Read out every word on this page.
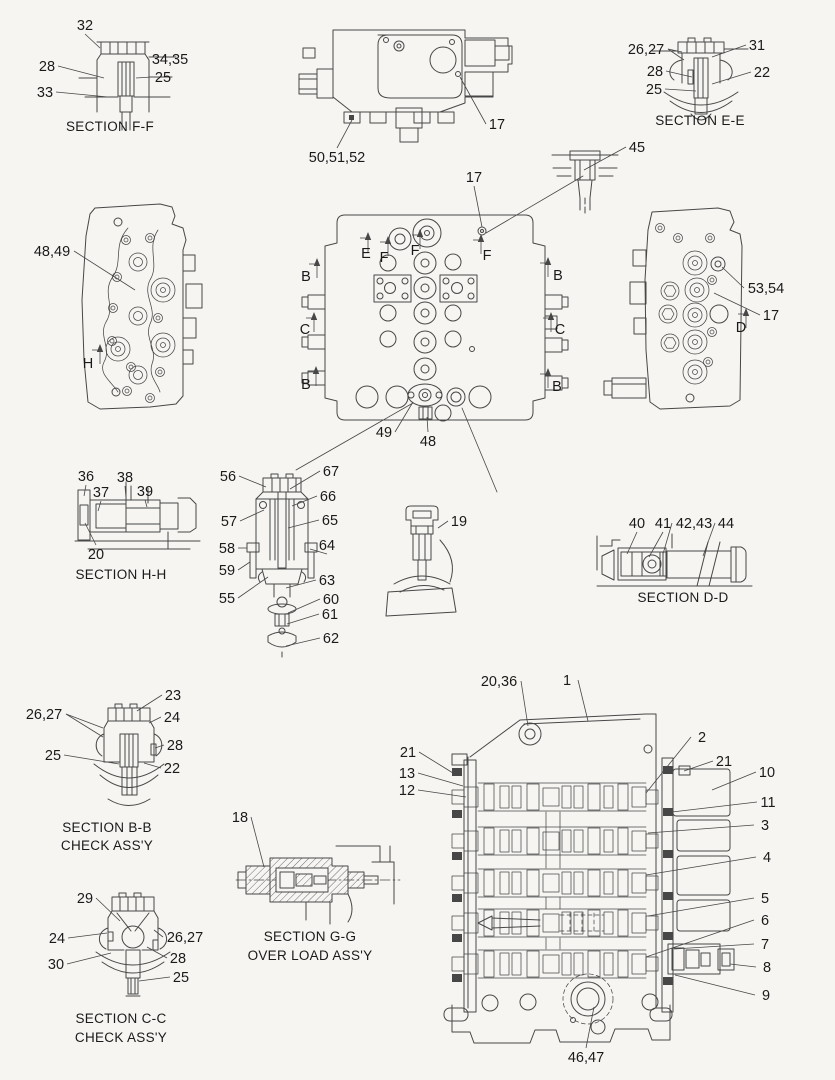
SECTION F-F	SECTION E-E
SECTION H-H
SECTION D-D
SECTION B-B
CHECK ASS'Y
SECTION C-C
CHECK ASS'Y
SECTION G-G
OVER LOAD ASS'Y
32
28
33
34,35
25
50,51,52
17
26,27	31
28	22
25
45
17
48,49
53,54
17
49
48
36
37
38
39
20
56
57
58
59
55
67
66
65
64
63
60
61
62
19	40 41 42,43 44
26,27
25
23
24
28
22
29
24
30
26,27
28
25
18
20,36	1
2
21
13
12
21
10
11
3
4
5
6
7
8
9
46,47
E F F	F
B	B
C	C
B	B
H
D
